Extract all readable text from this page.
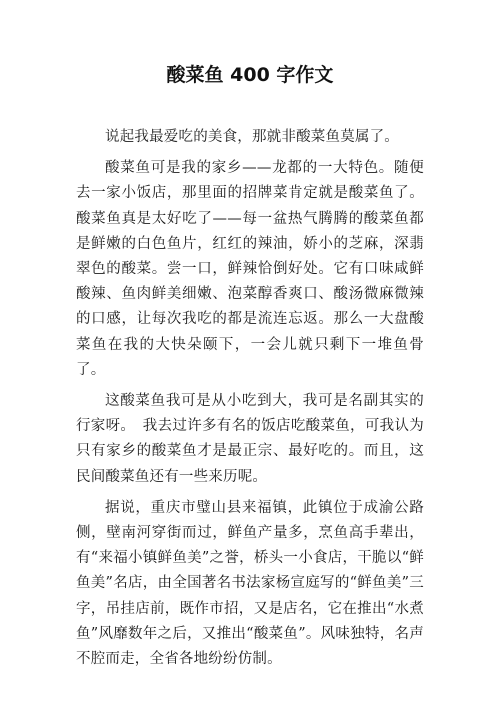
酸菜鱼 400 字作文

说起我最爱吃的美食，那就非酸菜鱼莫属了。

酸菜鱼可是我的家乡——龙都的一大特色。随便去一家小饭店，那里面的招牌菜肯定就是酸菜鱼了。酸菜鱼真是太好吃了——每一盆热气腾腾的酸菜鱼都是鲜嫩的白色鱼片，红红的辣油，娇小的芝麻，深翡翠色的酸菜。尝一口，鲜辣恰倒好处。它有口味咸鲜酸辣、鱼肉鲜美细嫩、泡菜醇香爽口、酸汤微麻微辣的口感，让每次我吃的都是流连忘返。那么一大盘酸菜鱼在我的大快朵颐下，一会儿就只剩下一堆鱼骨了。

这酸菜鱼我可是从小吃到大，我可是名副其实的行家呀。　我去过许多有名的饭店吃酸菜鱼，可我认为只有家乡的酸菜鱼才是最正宗、最好吃的。而且，这民间酸菜鱼还有一些来历呢。

据说，重庆市璧山县来福镇，此镇位于成渝公路侧，壁南河穿街而过，鲜鱼产量多，烹鱼高手辈出，有“来福小镇鲜鱼美”之誉，桥头一小食店，干脆以“鲜鱼美”名店，由全国著名书法家杨宣庭写的“鲜鱼美”三字，吊挂店前，既作市招，又是店名，它在推出“水煮鱼”风靡数年之后，又推出“酸菜鱼”。风味独特，名声不腔而走，全省各地纷纷仿制。
